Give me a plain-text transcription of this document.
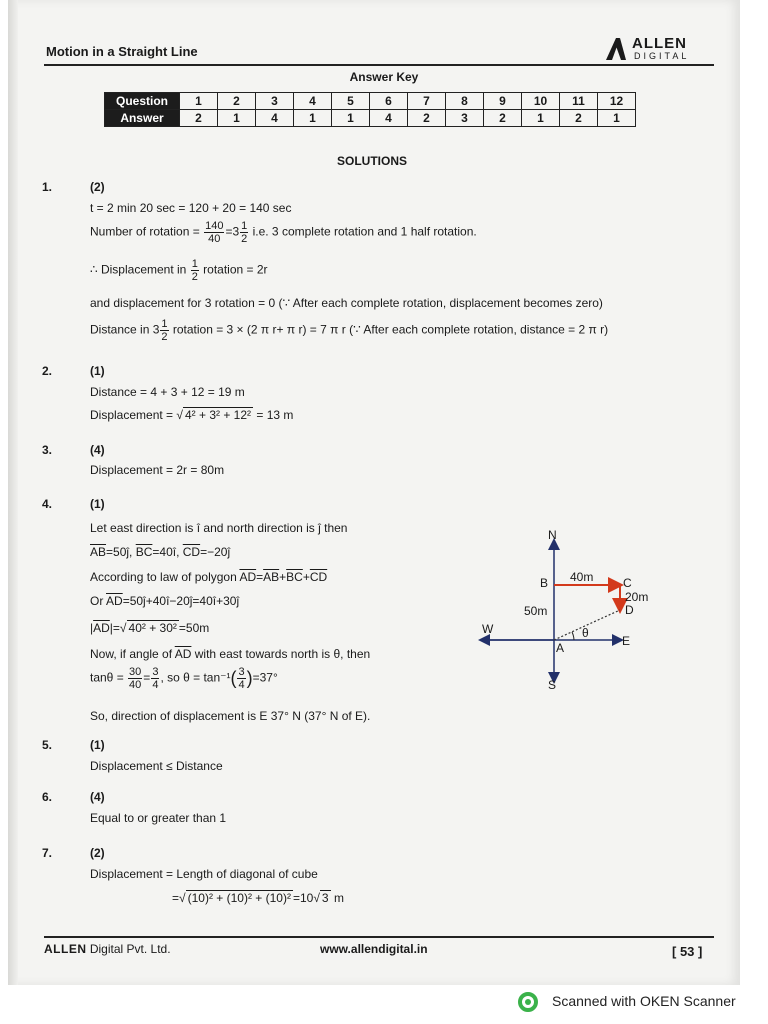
Motion in a Straight Line	ALLEN
DIGITAL
Answer Key
Question	1	2	3	4	5	6	7	8	9	10	11	12
Answer	2	1	4	1	1	4	2	3	2	1	2	1
SOLUTIONS
1.	(2)
t = 2 min 20 sec = 120 + 20 = 140 sec
Number of rotation = $\frac{140}{40} =3 \frac{1}{2} i.e$. 3 complete rotation and 1 half rotation.
∴ Displacement in $\frac{1}{2}$ rotation = 2r
and displacement for 3 rotation = 0 (∵ After each complete rotation, displacement becomes zero)
Distance in $3 \frac{1}{2}$ rotation = 3 × (2 π r+ π r) = 7 π r (∵ After each complete rotation, distance = 2 π r)
2.	(1)
Distance = 4 + 3 + 12 = 19 m
Displacement = √ 4² + 3² + 12² = 13 m
3.	(4)
Displacement = 2r = 80m
4.	(1)
Let east direction is î and north direction is ĵ then
$\overline{AB}=50ĵ$, $\overline{BC}=40î$, $\overline{CD}=-20ĵ$
According to law of polygon $\overline{AD}=\overline{AB}+\overline{BC}+\overline{CD}$
Or $\overline{AD}=50ĵ+40î-20ĵ=40î+30ĵ$
$|\overline{AD}|=√$ 40² + 30² =50m
Now, if angle of $\overline{AD}$ with east towards north is θ, then
$\tan\theta = \frac{30}{40} = \frac{3}{4}$ , so $\theta = \tan^{-1}( \frac{3}{4} )=37^\circ$
So, direction of displacement is E 37° N (37° N of E).
N
S
E
W
A
B	C
D
40m
20m
50m
θ
5.	(1)
Displacement ≤ Distance
6.	(4)
Equal to or greater than 1
7.	(2)
Displacement = Length of diagonal of cube
=√ (10)² + (10)² + (10)² =10√ 3 m
ALLEN Digital Pvt. Ltd.	www.allendigital.in	[ 53 ]
Scanned with OKEN Scanner
